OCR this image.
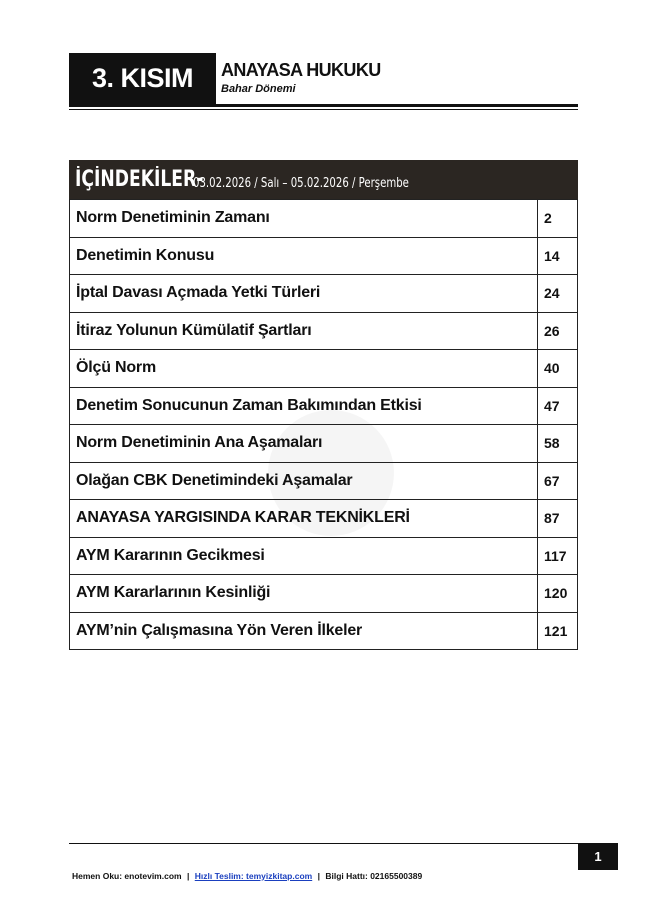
3. KISIM	ANAYASA HUKUKU
Bahar Dönemi
İÇİNDEKİLER-
03.02.2026 / Salı – 05.02.2026 / Perşembe
Norm Denetiminin Zamanı	2
Denetimin Konusu	14
İptal Davası Açmada Yetki Türleri	24
İtiraz Yolunun Kümülatif Şartları	26
Ölçü Norm	40
Denetim Sonucunun Zaman Bakımından Etkisi	47
Norm Denetiminin Ana Aşamaları	58
Olağan CBK Denetimindeki Aşamalar	67
ANAYASA YARGISINDA KARAR TEKNİKLERİ	87
AYM Kararının Gecikmesi	117
AYM Kararlarının Kesinliği	120
AYM’nin Çalışmasına Yön Veren İlkeler	121
1
Hemen Oku: enotevim.com | Hızlı Teslim: temyizkitap.com | Bilgi Hattı: 02165500389
